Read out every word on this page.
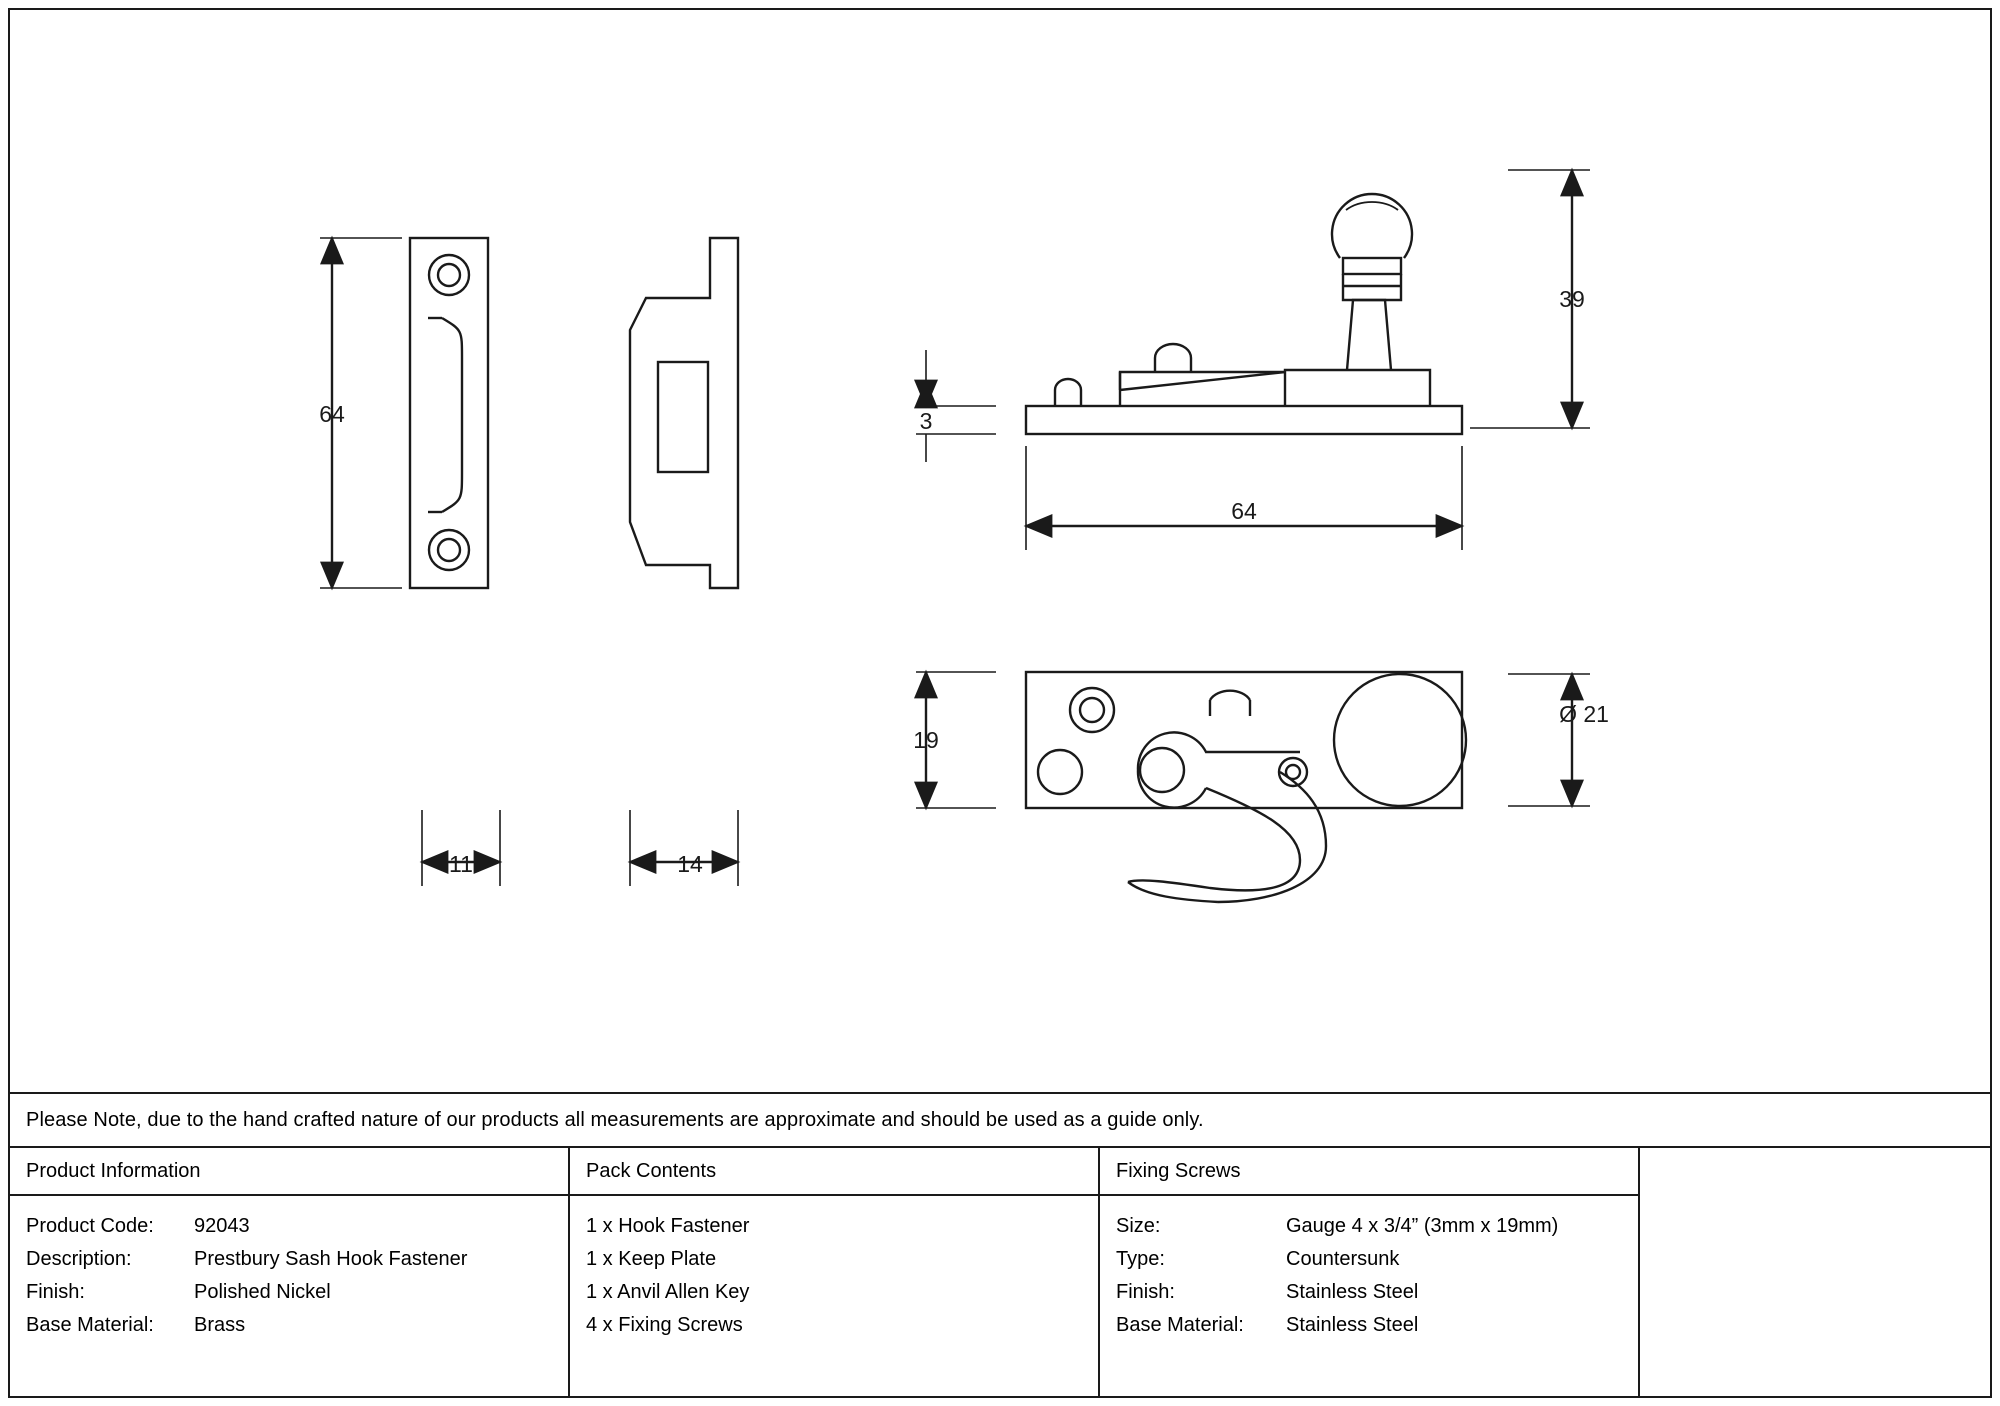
64
11	14
3
64
39
19
Ø 21
Please Note, due to the hand crafted nature of our products all measurements are approximate and should be used as a guide only.
Product Information
Product Code:	92043
Description:	Prestbury Sash Hook Fastener
Finish:	Polished Nickel
Base Material:	Brass
Pack Contents
1 x Hook Fastener
1 x Keep Plate
1 x Anvil Allen Key
4 x Fixing Screws
Fixing Screws
Size:	Gauge 4 x 3/4” (3mm x 19mm)
Type:	Countersunk
Finish:	Stainless Steel
Base Material:	Stainless Steel
